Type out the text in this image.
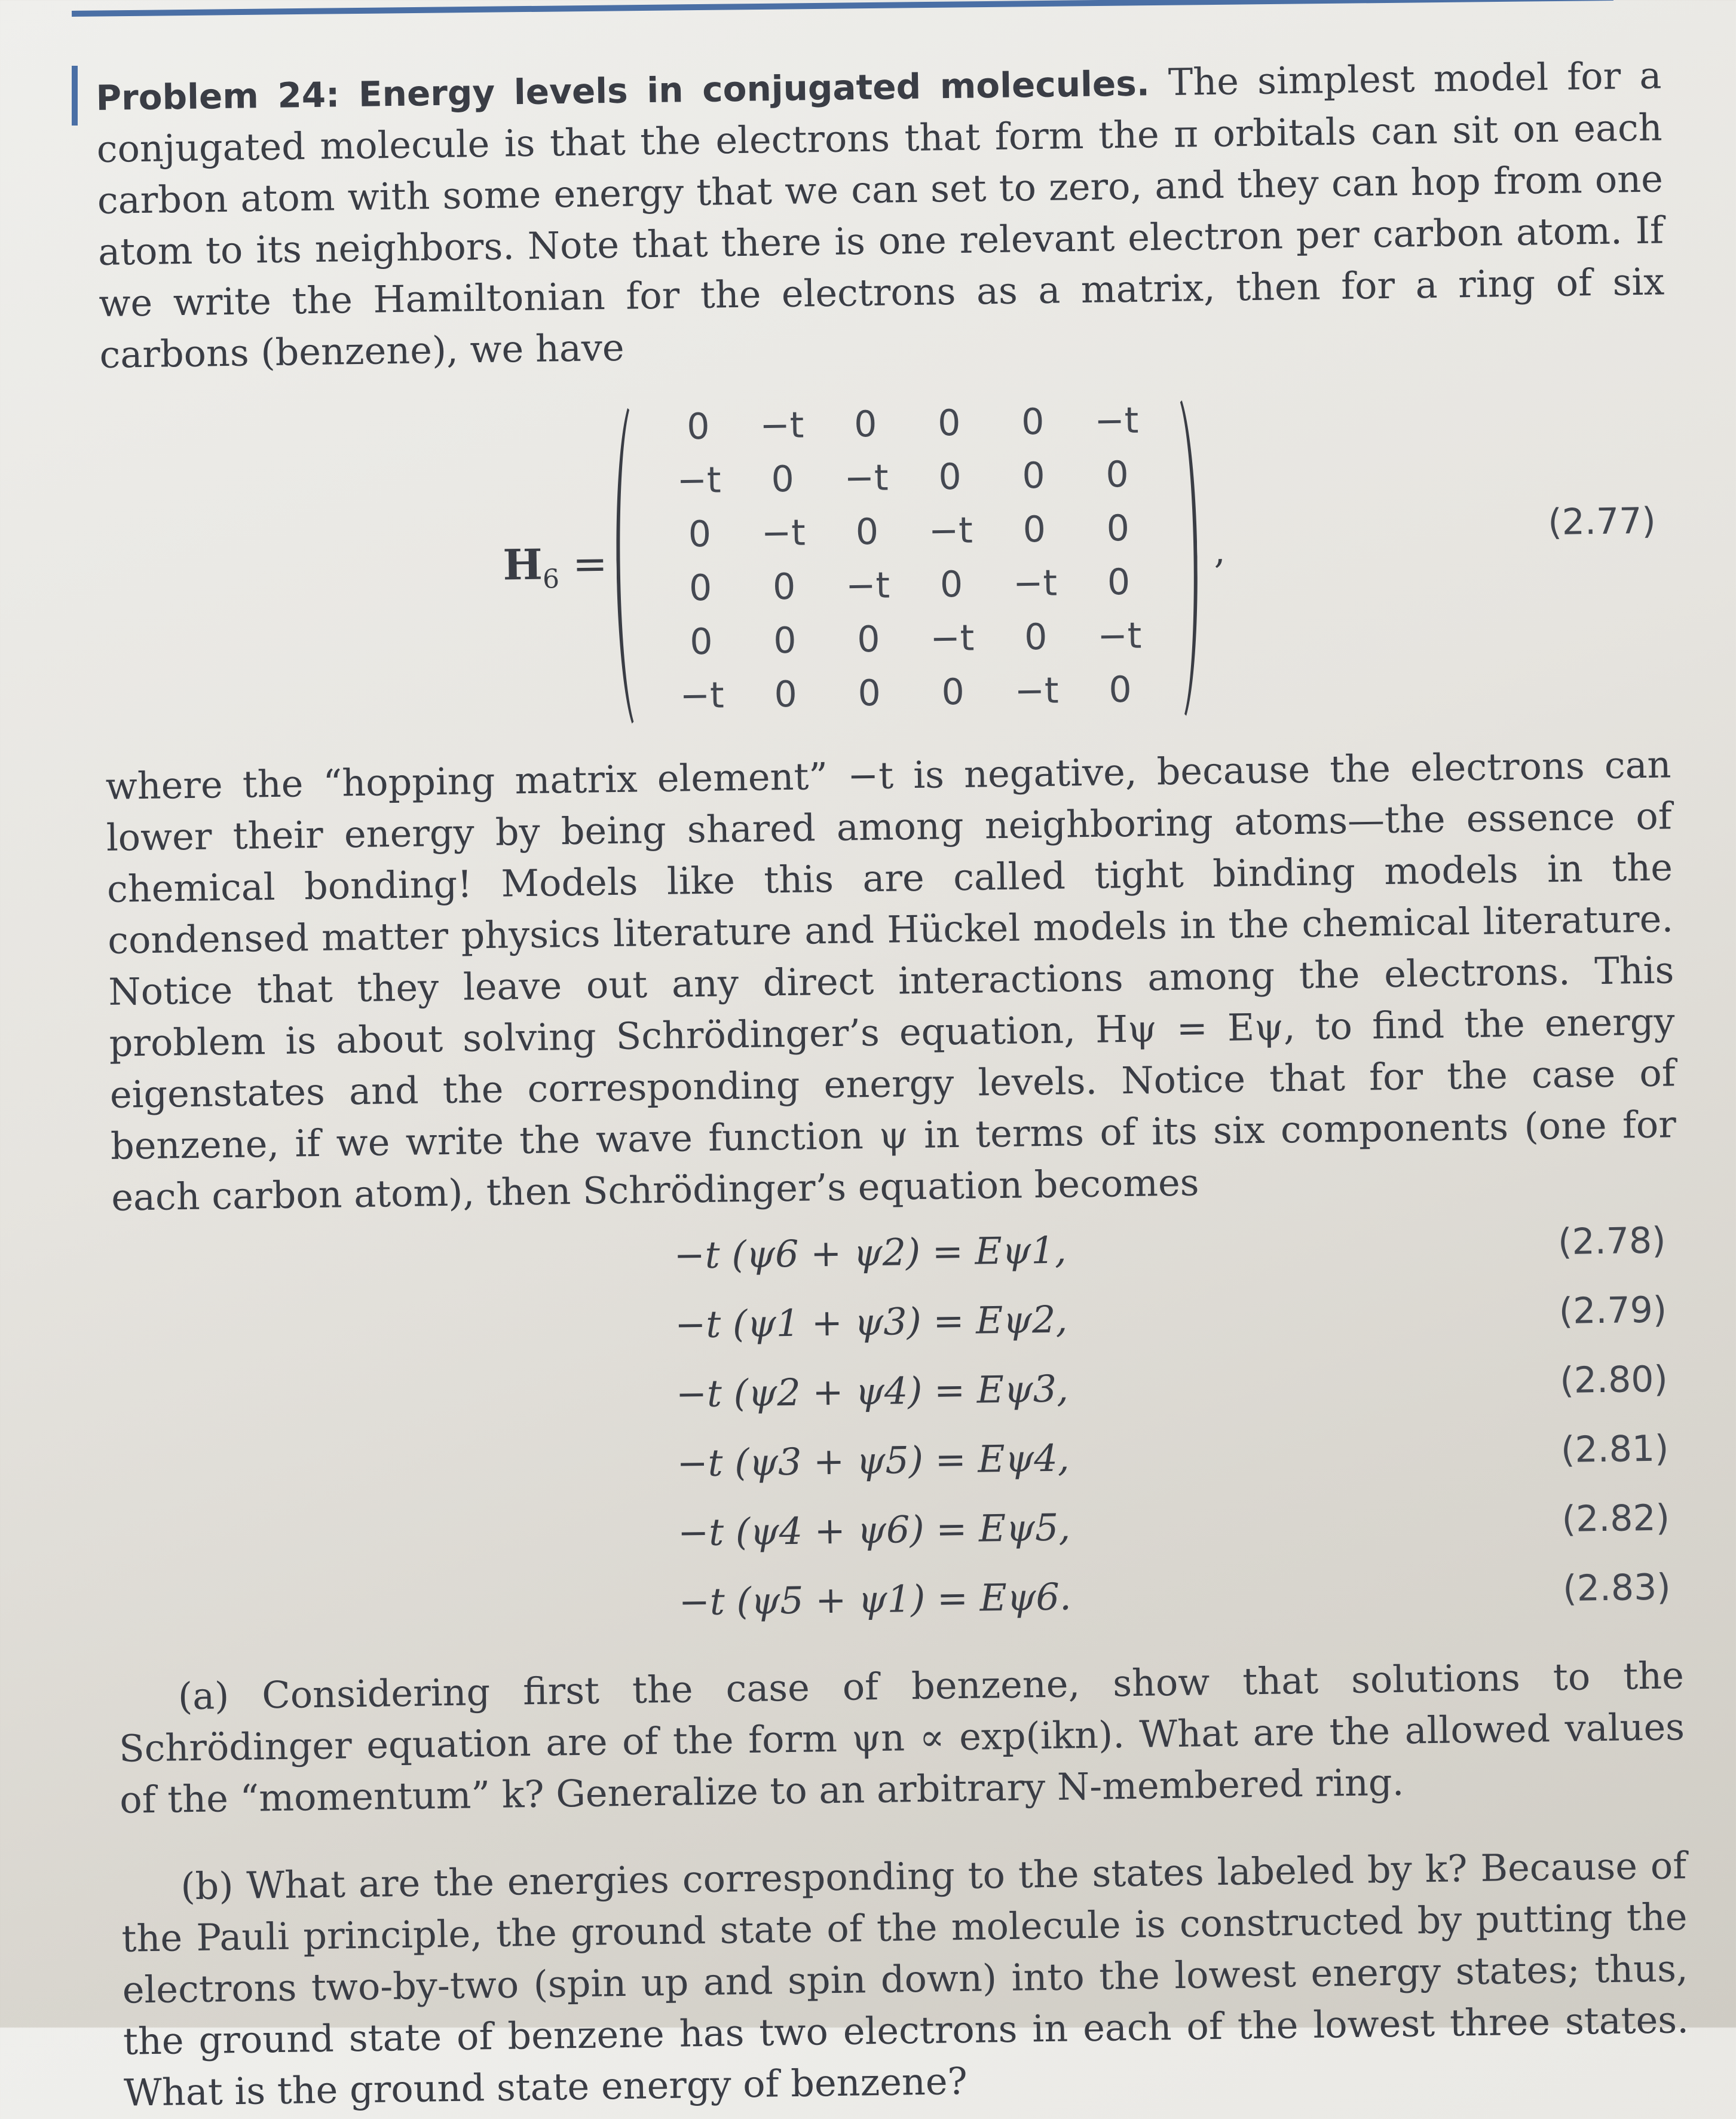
Problem 24: Energy levels in conjugated molecules. The simplest model for a conjugated molecule is that the electrons that form the π orbitals can sit on each carbon atom with some energy that we can set to zero, and they can hop from one atom to its neighbors. Note that there is one relevant electron per carbon atom. If we write the Hamiltonian for the electrons as a matrix, then for a ring of six carbons (benzene), we have

$H_6$ =
0	−t	0	0	0	−t
−t	0	−t	0	0	0
0	−t	0	−t	0	0
0	0	−t	0	−t	0
0	0	0	−t	0	−t
−t	0	0	0	−t	0
,
(2.77)

where the “hopping matrix element” −t is negative, because the electrons can lower their energy by being shared among neighboring atoms—the essence of chemical bonding! Models like this are called tight binding models in the condensed matter physics literature and Hückel models in the chemical literature. Notice that they leave out any direct interactions among the electrons. This problem is about solving Schrödinger’s equation, Hψ = Eψ, to find the energy eigenstates and the corresponding energy levels. Notice that for the case of benzene, if we write the wave function ψ in terms of its six components (one for each carbon atom), then Schrödinger’s equation becomes

−t (ψ6 + ψ2) = Eψ1,	(2.78)
−t (ψ1 + ψ3) = Eψ2,	(2.79)
−t (ψ2 + ψ4) = Eψ3,	(2.80)
−t (ψ3 + ψ5) = Eψ4,	(2.81)
−t (ψ4 + ψ6) = Eψ5,	(2.82)
−t (ψ5 + ψ1) = Eψ6.	(2.83)

(a) Considering first the case of benzene, show that solutions to the Schrödinger equation are of the form ψn ∝ exp(ikn). What are the allowed values of the “momentum” k? Generalize to an arbitrary N-membered ring.

(b) What are the energies corresponding to the states labeled by k? Because of the Pauli principle, the ground state of the molecule is constructed by putting the electrons two-by-two (spin up and spin down) into the lowest energy states; thus, the ground state of benzene has two electrons in each of the lowest three states. What is the ground state energy of benzene?
